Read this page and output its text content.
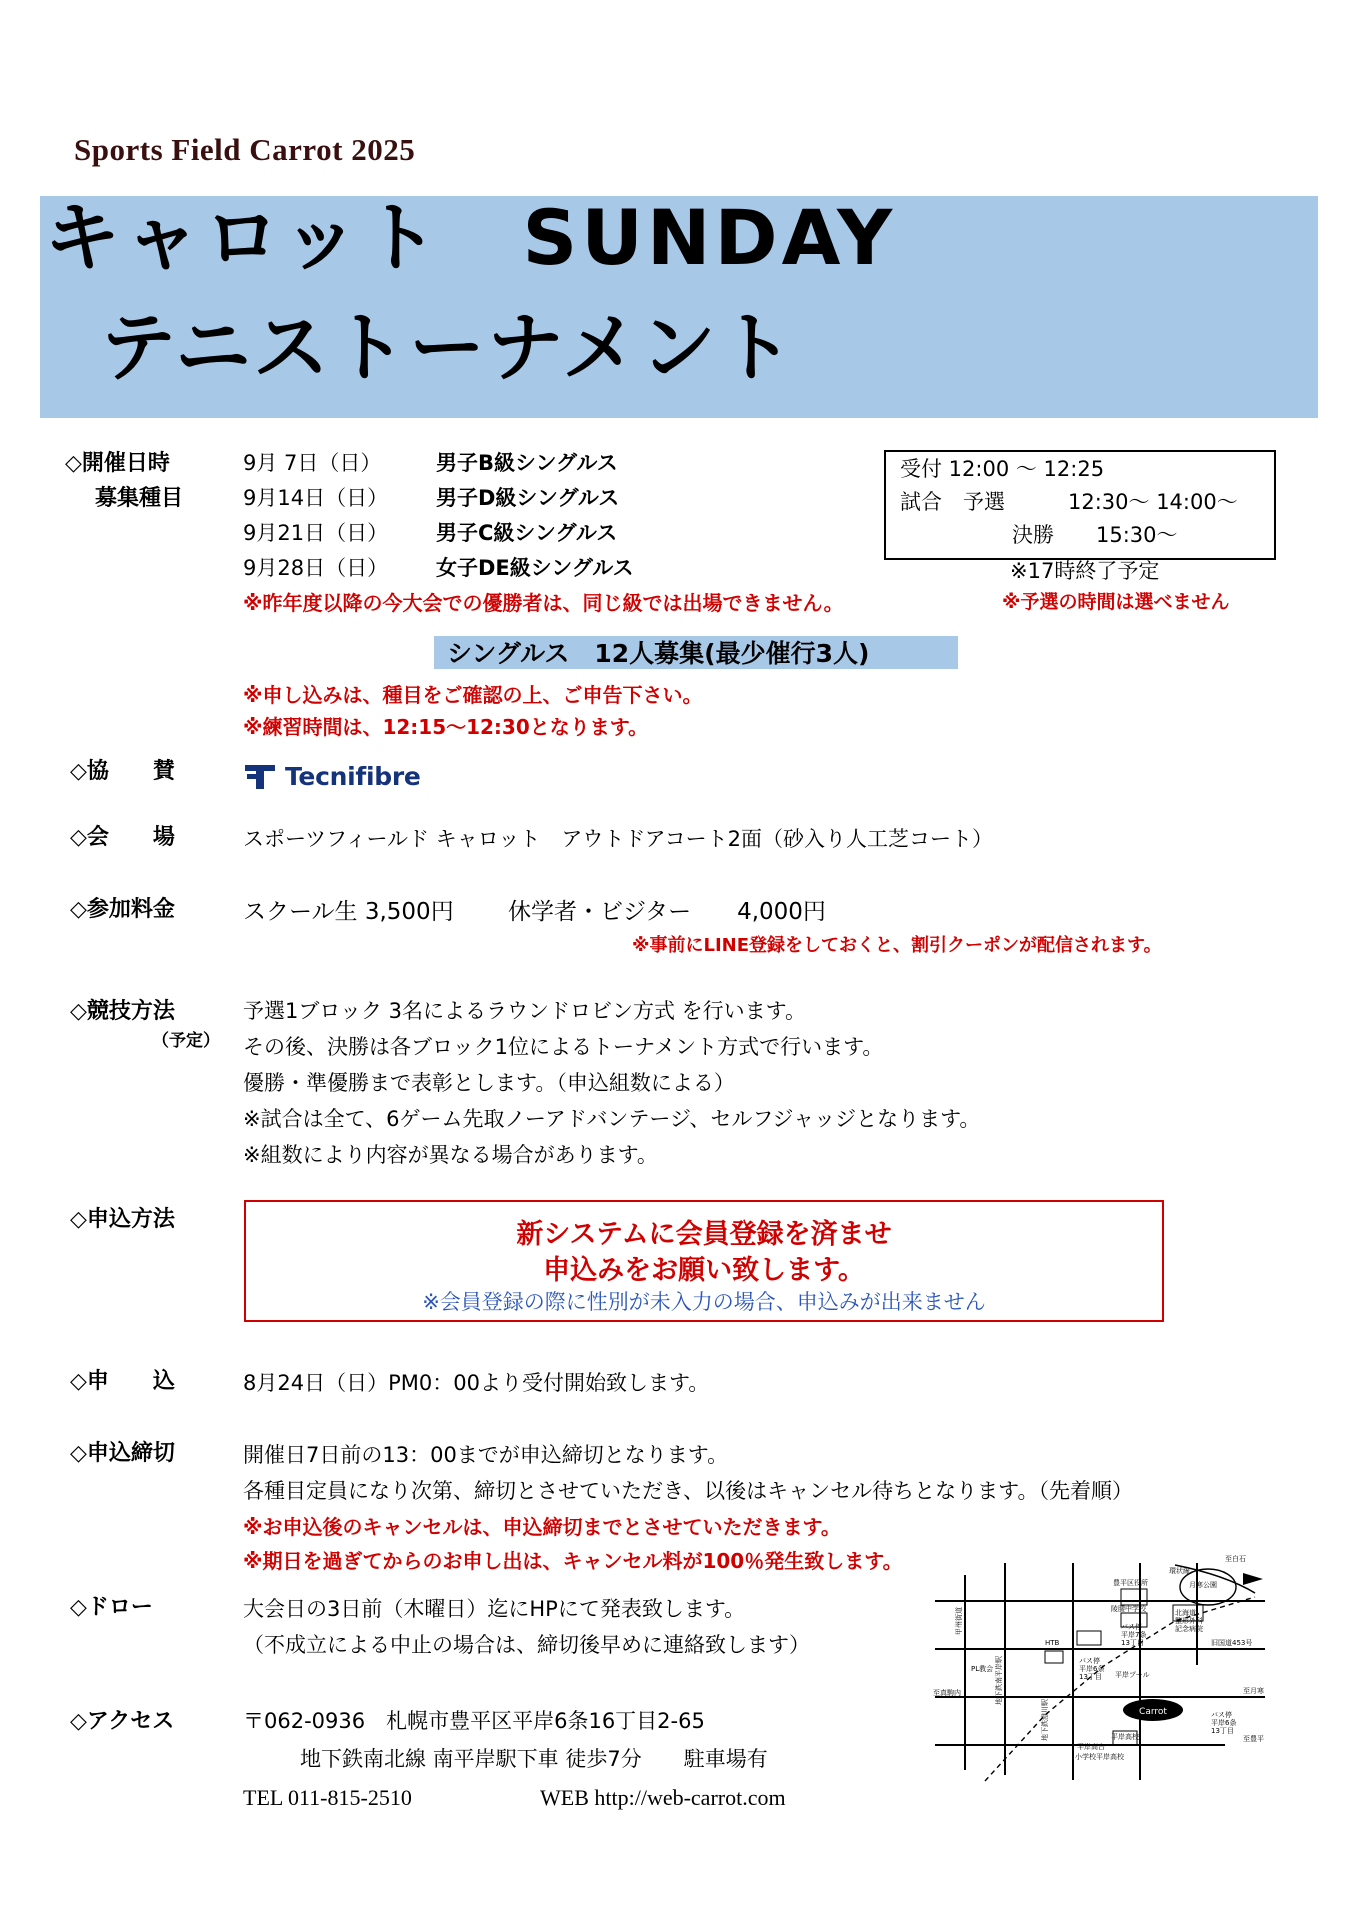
Sports Field Carrot 2025
キャロット　SUNDAY
テニストーナメント
◇開催日時
募集種目
9月 7日（日）	男子B級シングルス
9月14日（日） 男子D級シングルス
9月21日（日） 男子C級シングルス
9月28日（日） 女子DE級シングルス
受付 12:00 ～ 12:25
試合　予選　　　12:30～ 14:00～
決勝　　15:30～
※17時終了予定
※予選の時間は選べません
※昨年度以降の今大会での優勝者は、同じ級では出場できません。
シングルス　12人募集(最少催行3人)
※申し込みは、種目をご確認の上、ご申告下さい。
※練習時間は、12:15～12:30となります。
◇協　　賛	Tecnifibre
◇会　　場	スポーツフィールド キャロット　アウトドアコート2面（砂入り人工芝コート）
◇参加料金	スクール生 3,500円 休学者・ビジター　　4,000円
※事前にLINE登録をしておくと、割引クーポンが配信されます。
◇競技方法
（予定）
予選1ブロック 3名によるラウンドロビン方式 を行います。
その後、決勝は各ブロック1位によるトーナメント方式で行います。
優勝・準優勝まで表彰とします。（申込組数による）
※試合は全て、6ゲーム先取ノーアドバンテージ、セルフジャッジとなります。
※組数により内容が異なる場合があります。
◇申込方法	新システムに会員登録を済ませ
申込みをお願い致します。
※会員登録の際に性別が未入力の場合、申込みが出来ません
◇申　　込	8月24日（日）PM0：00より受付開始致します。
◇申込締切	開催日7日前の13：00までが申込締切となります。
各種目定員になり次第、締切とさせていただき、以後はキャンセル待ちとなります。（先着順）
※お申込後のキャンセルは、申込締切までとさせていただきます。
※期日を過ぎてからのお申し出は、キャンセル料が100％発生致します。
◇ドロー	大会日の3日前（木曜日）迄にHPにて発表致します。
（不成立による中止の場合は、締切後早めに連絡致します）
◇アクセス	〒062-0936　札幌市豊平区平岸6条16丁目2-65
地下鉄南北線 南平岸駅下車 徒歩7分　　駐車場有
TEL 011-815-2510	WEB http://web-carrot.com
Carrot
至白石
環状線
月寒公園
豊平区役所
陵腰中学校
バス停
平岸7条
13丁目
北海道
整形外科
記念病院
旧国道453号
HTB
PL教会
平岸プール
バス停
平岸6条
13丁目
バス停
平岸6条
13丁目
至真駒内	至月寒
至豊平
平岸高校
小学校平岸高校
平岸高台
甲州街道
地下鉄南平岸駅
地下鉄澄川駅
